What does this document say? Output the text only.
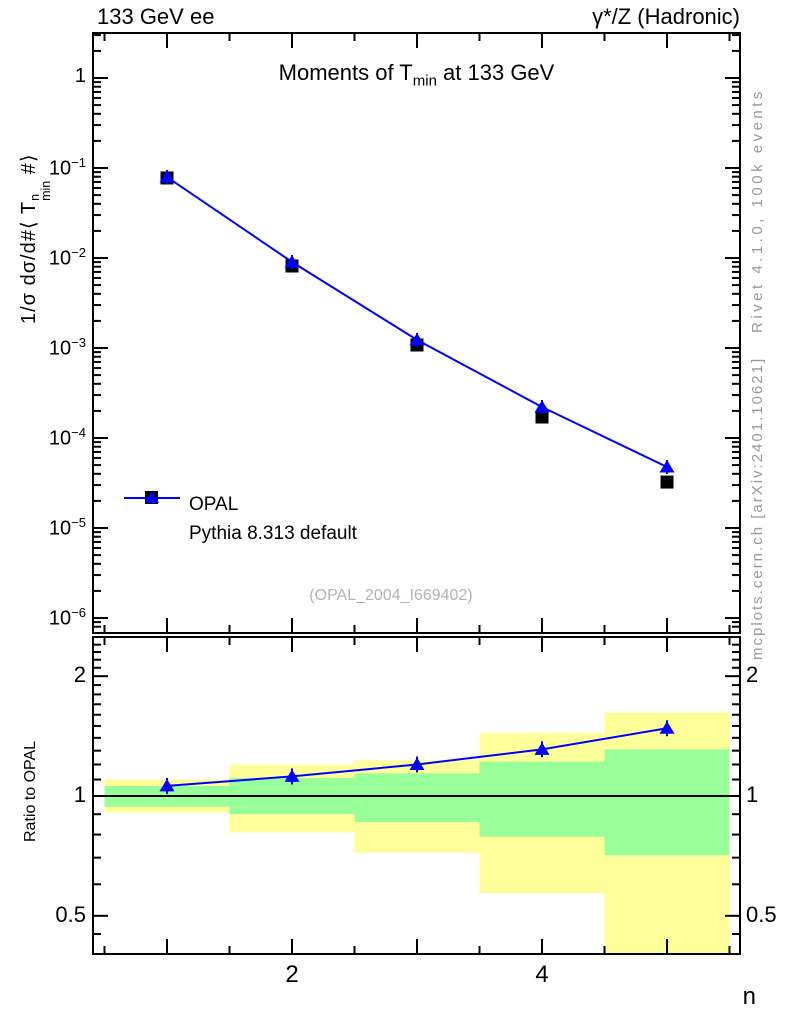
133 GeV ee	γ*/Z (Hadronic)
Moments of $T_{min}$ at 133 GeV
1/σ dσ/d#⟨ T
n
min
#⟩
Ratio to OPAL
Rivet 4.1.0, 100k events
mcplots.cern.ch [arXiv:2401.10621]
(OPAL_2004_I669402)
OPAL
Pythia 8.313 default
n
1
$10^{-1}$
$10^{-2}$
$10^{-3}$
$10^{-4}$
$10^{-5}$
$10^{-6}$
0.5	0.5
1	1
2	2
2	4
